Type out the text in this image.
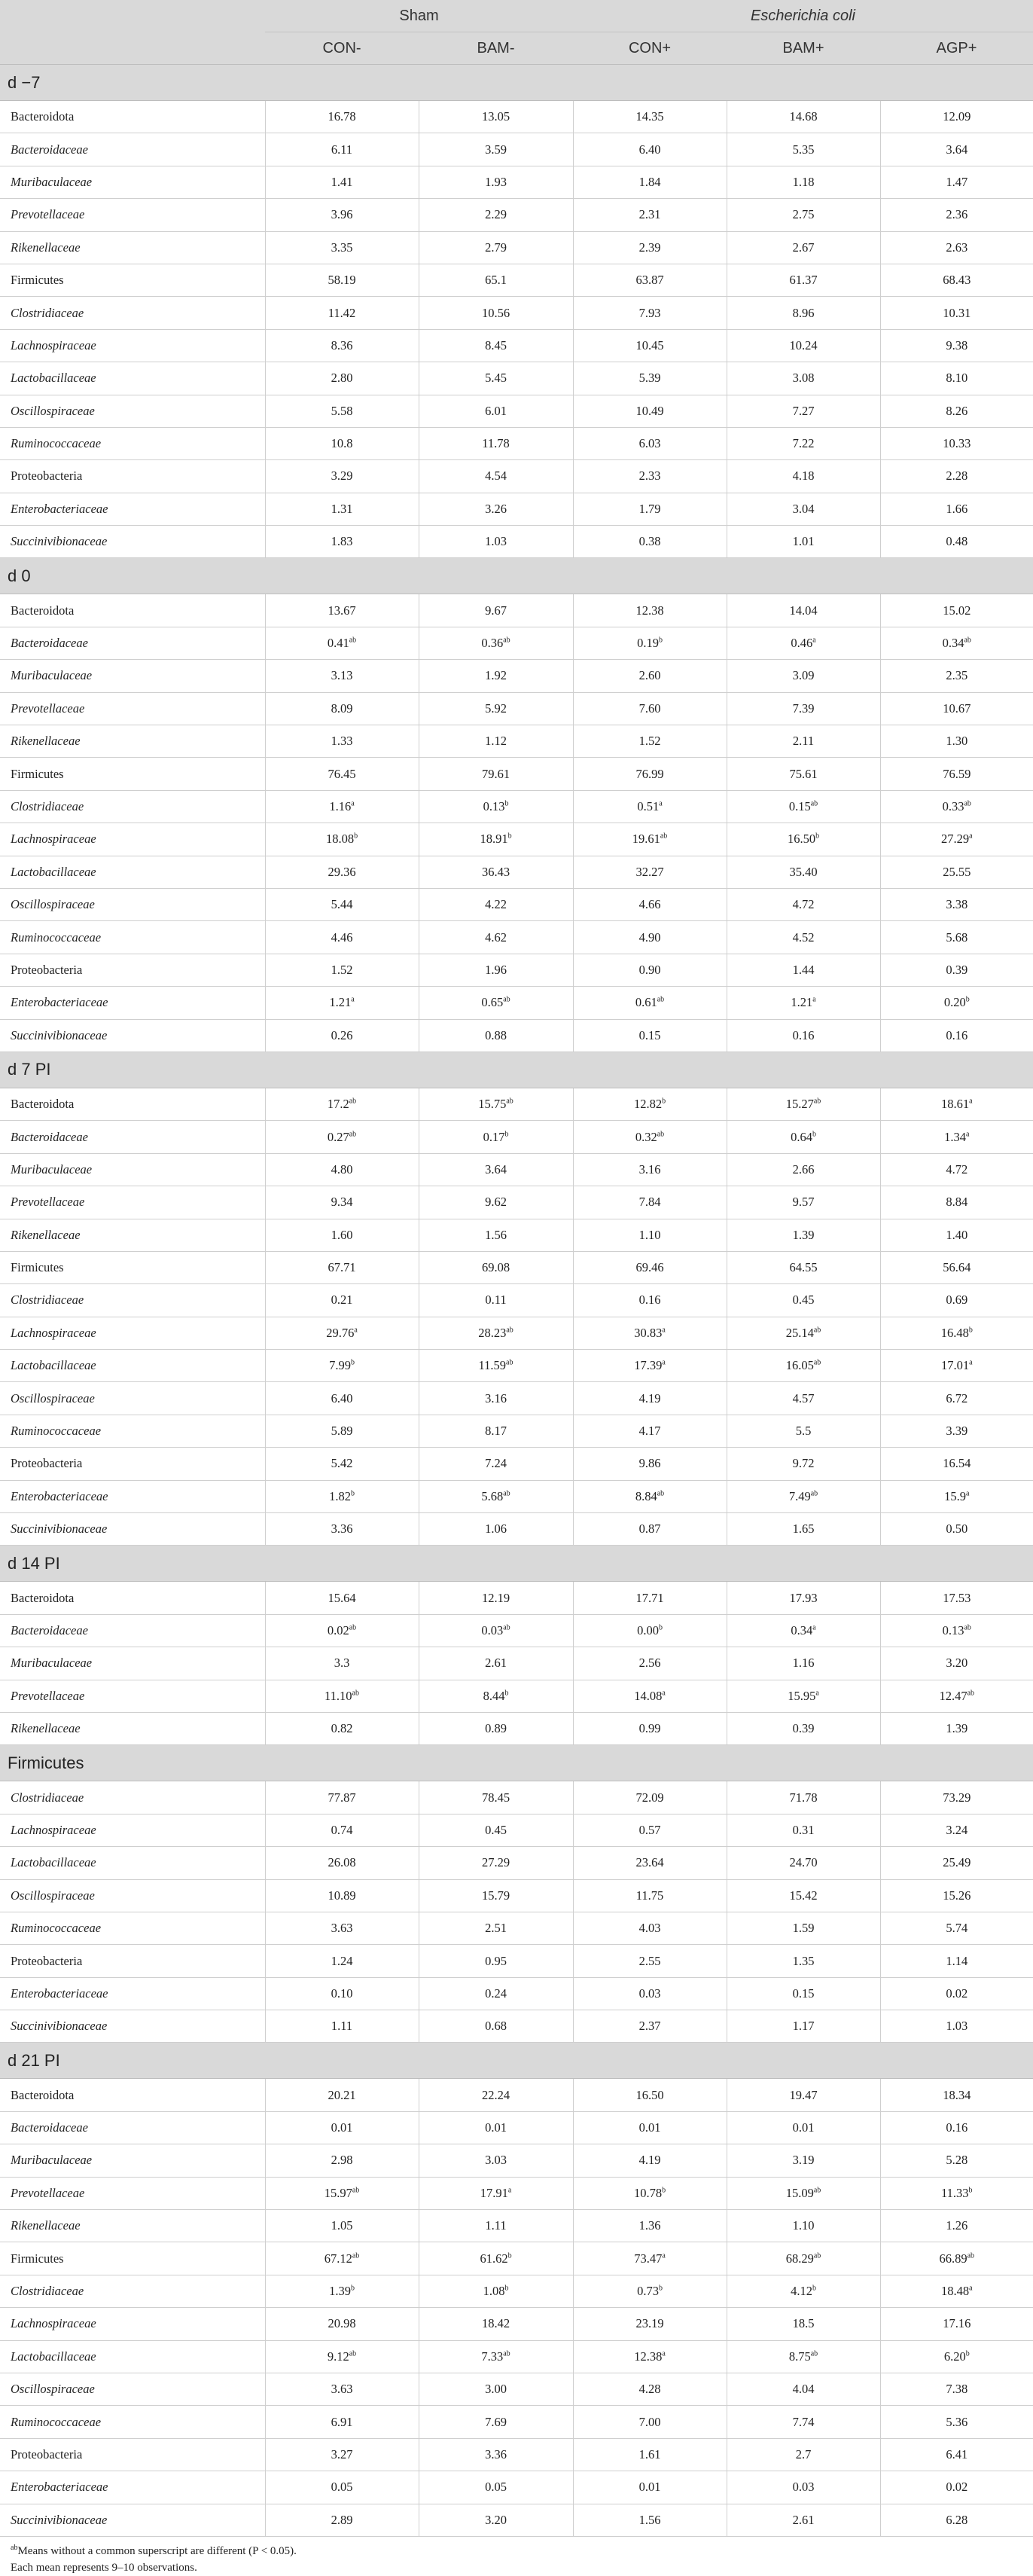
	Sham		Escherichia coli		
	CON-	BAM-	CON+	BAM+	AGP+
d −7					
Bacteroidota	16.78	13.05	14.35	14.68	12.09
Bacteroidaceae	6.11	3.59	6.40	5.35	3.64
Muribaculaceae	1.41	1.93	1.84	1.18	1.47
Prevotellaceae	3.96	2.29	2.31	2.75	2.36
Rikenellaceae	3.35	2.79	2.39	2.67	2.63
Firmicutes	58.19	65.1	63.87	61.37	68.43
Clostridiaceae	11.42	10.56	7.93	8.96	10.31
Lachnospiraceae	8.36	8.45	10.45	10.24	9.38
Lactobacillaceae	2.80	5.45	5.39	3.08	8.10
Oscillospiraceae	5.58	6.01	10.49	7.27	8.26
Ruminococcaceae	10.8	11.78	6.03	7.22	10.33
Proteobacteria	3.29	4.54	2.33	4.18	2.28
Enterobacteriaceae	1.31	3.26	1.79	3.04	1.66
Succinivibionaceae	1.83	1.03	0.38	1.01	0.48
d 0					
Bacteroidota	13.67	9.67	12.38	14.04	15.02
Bacteroidaceae	0.41$^{ab}$	0.36$^{ab}$	0.19$^b$	0.46$^a$	0.34$^{ab}$
Muribaculaceae	3.13	1.92	2.60	3.09	2.35
Prevotellaceae	8.09	5.92	7.60	7.39	10.67
Rikenellaceae	1.33	1.12	1.52	2.11	1.30
Firmicutes	76.45	79.61	76.99	75.61	76.59
Clostridiaceae	1.16$^a$	0.13$^b$	0.51$^a$	0.15$^{ab}$	0.33$^{ab}$
Lachnospiraceae	18.08$^b$	18.91$^b$	19.61$^{ab}$	16.50$^b$	27.29$^a$
Lactobacillaceae	29.36	36.43	32.27	35.40	25.55
Oscillospiraceae	5.44	4.22	4.66	4.72	3.38
Ruminococcaceae	4.46	4.62	4.90	4.52	5.68
Proteobacteria	1.52	1.96	0.90	1.44	0.39
Enterobacteriaceae	1.21$^a$	0.65$^{ab}$	0.61$^{ab}$	1.21$^a$	0.20$^b$
Succinivibionaceae	0.26	0.88	0.15	0.16	0.16
d 7 PI					
Bacteroidota	17.2$^{ab}$	15.75$^{ab}$	12.82$^b$	15.27$^{ab}$	18.61$^a$
Bacteroidaceae	0.27$^{ab}$	0.17$^b$	0.32$^{ab}$	0.64$^b$	1.34$^a$
Muribaculaceae	4.80	3.64	3.16	2.66	4.72
Prevotellaceae	9.34	9.62	7.84	9.57	8.84
Rikenellaceae	1.60	1.56	1.10	1.39	1.40
Firmicutes	67.71	69.08	69.46	64.55	56.64
Clostridiaceae	0.21	0.11	0.16	0.45	0.69
Lachnospiraceae	29.76$^a$	28.23$^{ab}$	30.83$^a$	25.14$^{ab}$	16.48$^b$
Lactobacillaceae	7.99$^b$	11.59$^{ab}$	17.39$^a$	16.05$^{ab}$	17.01$^a$
Oscillospiraceae	6.40	3.16	4.19	4.57	6.72
Ruminococcaceae	5.89	8.17	4.17	5.5	3.39
Proteobacteria	5.42	7.24	9.86	9.72	16.54
Enterobacteriaceae	1.82$^b$	5.68$^{ab}$	8.84$^{ab}$	7.49$^{ab}$	15.9$^a$
Succinivibionaceae	3.36	1.06	0.87	1.65	0.50
d 14 PI					
Bacteroidota	15.64	12.19	17.71	17.93	17.53
Bacteroidaceae	0.02$^{ab}$	0.03$^{ab}$	0.00$^b$	0.34$^a$	0.13$^{ab}$
Muribaculaceae	3.3	2.61	2.56	1.16	3.20
Prevotellaceae	11.10$^{ab}$	8.44$^b$	14.08$^a$	15.95$^a$	12.47$^{ab}$
Rikenellaceae	0.82	0.89	0.99	0.39	1.39
Firmicutes					
Clostridiaceae	77.87	78.45	72.09	71.78	73.29
Lachnospiraceae	0.74	0.45	0.57	0.31	3.24
Lactobacillaceae	26.08	27.29	23.64	24.70	25.49
Oscillospiraceae	10.89	15.79	11.75	15.42	15.26
Ruminococcaceae	3.63	2.51	4.03	1.59	5.74
Proteobacteria	1.24	0.95	2.55	1.35	1.14
Enterobacteriaceae	0.10	0.24	0.03	0.15	0.02
Succinivibionaceae	1.11	0.68	2.37	1.17	1.03
d 21 PI					
Bacteroidota	20.21	22.24	16.50	19.47	18.34
Bacteroidaceae	0.01	0.01	0.01	0.01	0.16
Muribaculaceae	2.98	3.03	4.19	3.19	5.28
Prevotellaceae	15.97$^{ab}$	17.91$^a$	10.78$^b$	15.09$^{ab}$	11.33$^b$
Rikenellaceae	1.05	1.11	1.36	1.10	1.26
Firmicutes	67.12$^{ab}$	61.62$^b$	73.47$^a$	68.29$^{ab}$	66.89$^{ab}$
Clostridiaceae	1.39$^b$	1.08$^b$	0.73$^b$	4.12$^b$	18.48$^a$
Lachnospiraceae	20.98	18.42	23.19	18.5	17.16
Lactobacillaceae	9.12$^{ab}$	7.33$^{ab}$	12.38$^a$	8.75$^{ab}$	6.20$^b$
Oscillospiraceae	3.63	3.00	4.28	4.04	7.38
Ruminococcaceae	6.91	7.69	7.00	7.74	5.36
Proteobacteria	3.27	3.36	1.61	2.7	6.41
Enterobacteriaceae	0.05	0.05	0.01	0.03	0.02
Succinivibionaceae	2.89	3.20	1.56	2.61	6.28
$^{ab}$Means without a common superscript are different (P < 0.05).
Each mean represents 9–10 observations.
